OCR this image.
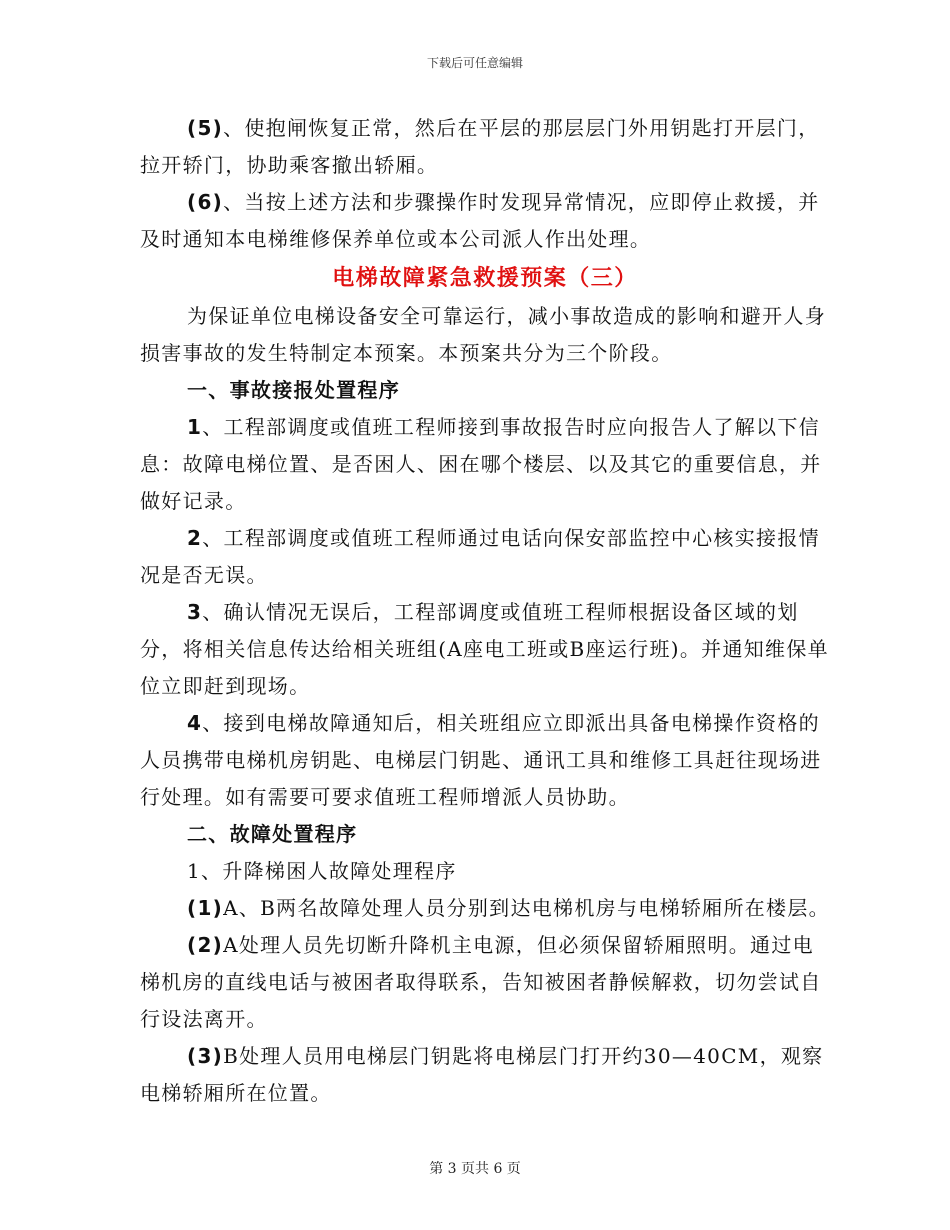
下载后可任意编辑

(5)、使抱闸恢复正常，然后在平层的那层层门外用钥匙打开层门，拉开轿门，协助乘客撤出轿厢。

(6)、当按上述方法和步骤操作时发现异常情况，应即停止救援，并及时通知本电梯维修保养单位或本公司派人作出处理。

电梯故障紧急救援预案（三）

为保证单位电梯设备安全可靠运行，减小事故造成的影响和避开人身损害事故的发生特制定本预案。本预案共分为三个阶段。

一、事故接报处置程序

1、工程部调度或值班工程师接到事故报告时应向报告人了解以下信息：故障电梯位置、是否困人、困在哪个楼层、以及其它的重要信息，并做好记录。

2、工程部调度或值班工程师通过电话向保安部监控中心核实接报情况是否无误。

3、确认情况无误后，工程部调度或值班工程师根据设备区域的划分，将相关信息传达给相关班组(A座电工班或B座运行班)。并通知维保单位立即赶到现场。

4、接到电梯故障通知后，相关班组应立即派出具备电梯操作资格的人员携带电梯机房钥匙、电梯层门钥匙、通讯工具和维修工具赶往现场进行处理。如有需要可要求值班工程师增派人员协助。

二、故障处置程序

1、升降梯困人故障处理程序

(1)A、B两名故障处理人员分别到达电梯机房与电梯轿厢所在楼层。

(2)A处理人员先切断升降机主电源，但必须保留轿厢照明。通过电梯机房的直线电话与被困者取得联系，告知被困者静候解救，切勿尝试自行设法离开。

(3)B处理人员用电梯层门钥匙将电梯层门打开约30—40CM，观察电梯轿厢所在位置。

第 3 页共 6 页
